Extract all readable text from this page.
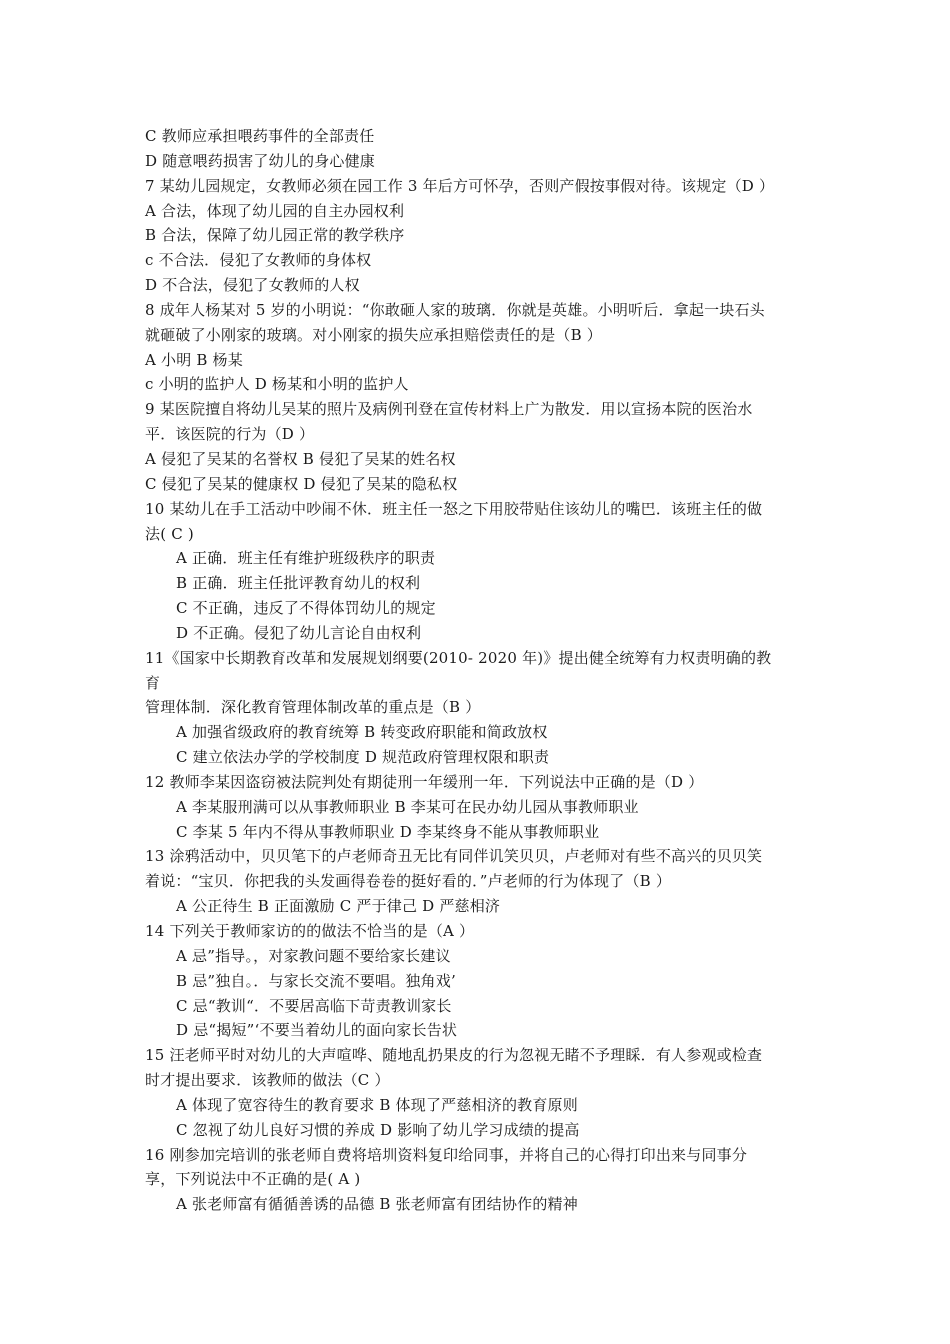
C 教师应承担喂药事件的全部责任
D 随意喂药损害了幼儿的身心健康
7 某幼儿园规定，女教师必须在园工作 3 年后方可怀孕，否则产假按事假对待。该规定（D ）
A 合法，体现了幼儿园的自主办园权利
B 合法，保障了幼儿园正常的教学秩序
c 不合法．侵犯了女教师的身体权
D 不合法，侵犯了女教师的人权
8 成年人杨某对 5 岁的小明说：“你敢砸人家的玻璃．你就是英雄。小明听后．拿起一块石头
就砸破了小刚家的玻璃。对小刚家的损失应承担赔偿责任的是（B ）
A 小明 B 杨某
c 小明的监护人 D 杨某和小明的监护人
9 某医院擅自将幼儿吴某的照片及病例刊登在宣传材料上广为散发．用以宣扬本院的医治水
平．该医院的行为（D ）
A 侵犯了吴某的名誉权 B 侵犯了吴某的姓名权
C 侵犯了吴某的健康权 D 侵犯了吴某的隐私权
10 某幼儿在手工活动中吵闹不休．班主任一怒之下用胶带贴住该幼儿的嘴巴．该班主任的做
法( C )
A 正确．班主任有维护班级秩序的职责
B 正确．班主任批评教育幼儿的权利
C 不正确，违反了不得体罚幼儿的规定
D 不正确。侵犯了幼儿言论自由权利
11《国家中长期教育改革和发展规划纲要(2010- 2020 年)》提出健全统筹有力权责明确的教
育
管理体制．深化教育管理体制改革的重点是（B ）
A 加强省级政府的教育统筹 B 转变政府职能和简政放权
C 建立依法办学的学校制度 D 规范政府管理权限和职责
12 教师李某因盗窃被法院判处有期徒刑一年缓刑一年．下列说法中正确的是（D ）
A 李某服刑满可以从事教师职业 B 李某可在民办幼儿园从事教师职业
C 李某 5 年内不得从事教师职业 D 李某终身不能从事教师职业
13 涂鸦活动中，贝贝笔下的卢老师奇丑无比有同伴讥笑贝贝，卢老师对有些不高兴的贝贝笑
着说：“宝贝．你把我的头发画得卷卷的挺好看的．”卢老师的行为体现了（B ）
A 公正待生 B 正面激励 C 严于律己 D 严慈相济
14 下列关于教师家访的的做法不恰当的是（A ）
A 忌”指导。，对家教问题不要给家长建议
B 忌”独自。．与家长交流不要唱。独角戏’
C 忌“教训“．不要居高临下苛责教训家长
D 忌“揭短”‘不要当着幼儿的面向家长告状
15 汪老师平时对幼儿的大声喧哗、随地乱扔果皮的行为忽视无睹不予理睬．有人参观或检查
时才提出要求．该教师的做法（C ）
A 体现了宽容待生的教育要求 B 体现了严慈相济的教育原则
C 忽视了幼儿良好习惯的养成 D 影响了幼儿学习成绩的提高
16 刚参加完培训的张老师自费将培圳资料复印给同事，并将自己的心得打印出来与同事分
享，下列说法中不正确的是( A )
A 张老师富有循循善诱的品德 B 张老师富有团结协作的精神
